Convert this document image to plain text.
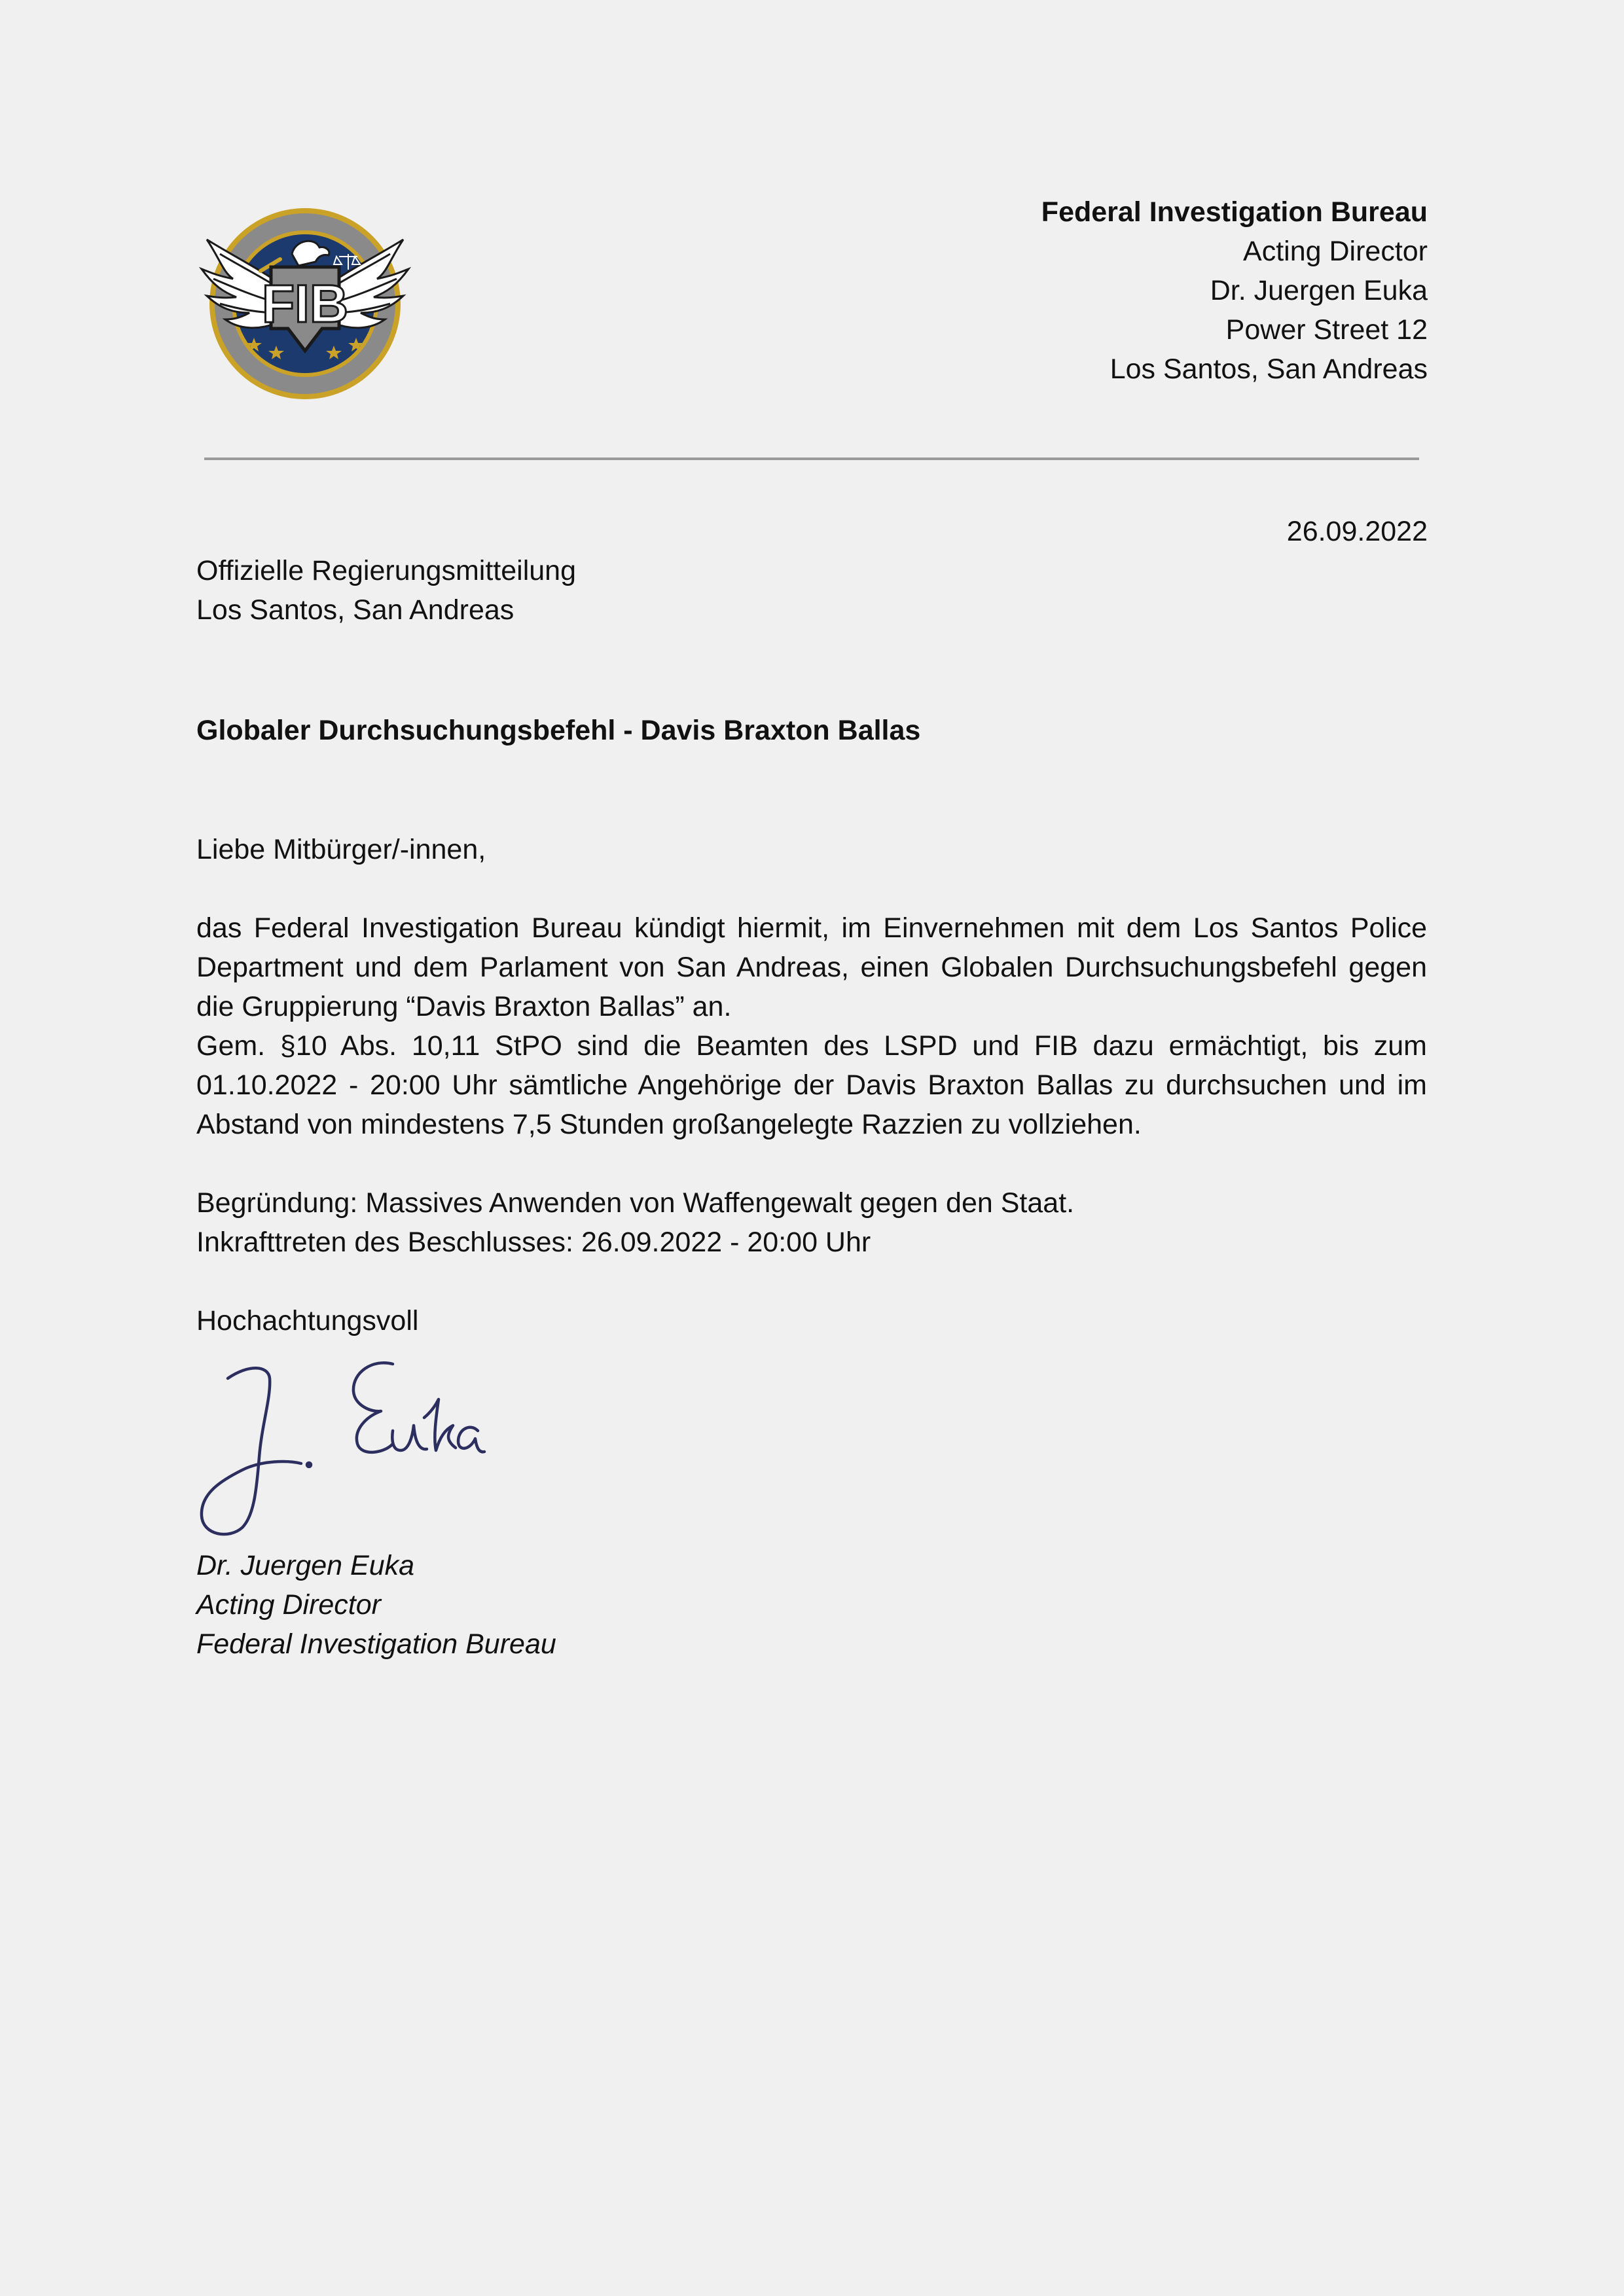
FIB
Federal Investigation Bureau
Acting Director
Dr. Juergen Euka
Power Street 12
Los Santos, San Andreas
26.09.2022
Offizielle Regierungsmitteilung
Los Santos, San Andreas
Globaler Durchsuchungsbefehl - Davis Braxton Ballas

Liebe Mitbürger/-innen,

das Federal Investigation Bureau kündigt hiermit, im Einvernehmen mit dem Los Santos Police Department und dem Parlament von San Andreas, einen Globalen Durchsuchungsbefehl gegen die Gruppierung “Davis Braxton Ballas” an.

Gem. §10 Abs. 10,11 StPO sind die Beamten des LSPD und FIB dazu ermächtigt, bis zum 01.10.2022 - 20:00 Uhr sämtliche Angehörige der Davis Braxton Ballas zu durchsuchen und im Abstand von mindestens 7,5 Stunden großangelegte Razzien zu vollziehen.

Begründung: Massives Anwenden von Waffengewalt gegen den Staat.

Inkrafttreten des Beschlusses: 26.09.2022 - 20:00 Uhr

Hochachtungsvoll

Dr. Juergen Euka
Acting Director
Federal Investigation Bureau
